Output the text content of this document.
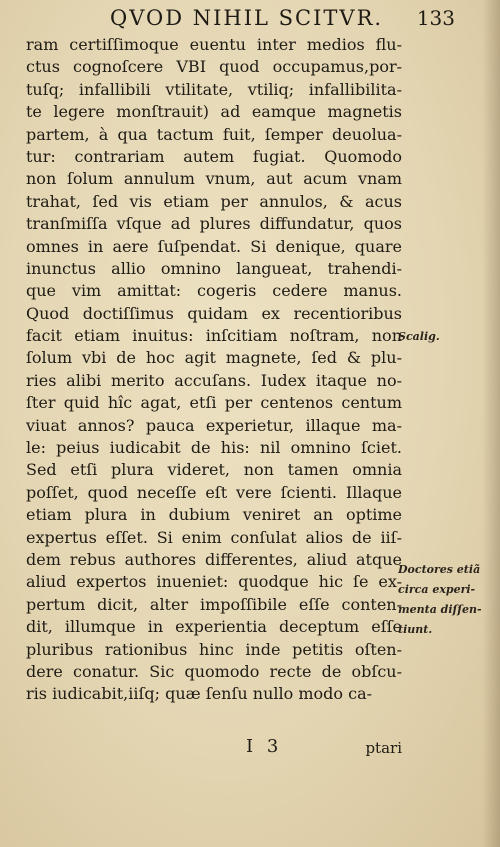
QVOD NIHIL SCITVR. 133
ram certiſſimoque euentu inter medios flu-
ctus cognoſcere VBI quod occupamus,por-
tuſq; infallibili vtilitate, vtiliq; infallibilita-
te legere monſtrauit) ad eamque magnetis
partem, à qua tactum fuit, ſemper deuolua-
tur: contrariam autem fugiat. Quomodo
non ſolum annulum vnum, aut acum vnam
trahat, ſed vis etiam per annulos, & acus
tranſmiſſa vſque ad plures diffundatur, quos
omnes in aere ſuſpendat. Si denique, quare
inunctus allio omnino langueat, trahendi-
que vim amittat: cogeris cedere manus.
Quod doctiſſimus quidam ex recentioribus
facit etiam inuitus: inſcitiam noſtram, non
ſolum vbi de hoc agit magnete, ſed & plu-
ries alibi merito accuſans. Iudex itaque no-
ſter quid hîc agat, etſi per centenos centum
viuat annos? pauca experietur, illaque ma-
le: peius iudicabit de his: nil omnino ſciet.
Sed etſi plura videret, non tamen omnia
poſſet, quod neceſſe eſt vere ſcienti. Illaque
etiam plura in dubium veniret an optime
expertus eſſet. Si enim conſulat alios de iiſ-
dem rebus authores differentes, aliud atque
aliud expertos inueniet: quodque hic ſe ex-
pertum dicit, alter impoſſibile eſſe conten-
dit, illumque in experientia deceptum eſſe
pluribus rationibus hinc inde petitis oſten-
dere conatur. Sic quomodo recte de obſcu-
ris iudicabit,iiſq; quæ ſenſu nullo modo ca-
Scalig.
Doctores etiã
circa experi-
menta diſſen-
tiunt.
I 3	ptari
